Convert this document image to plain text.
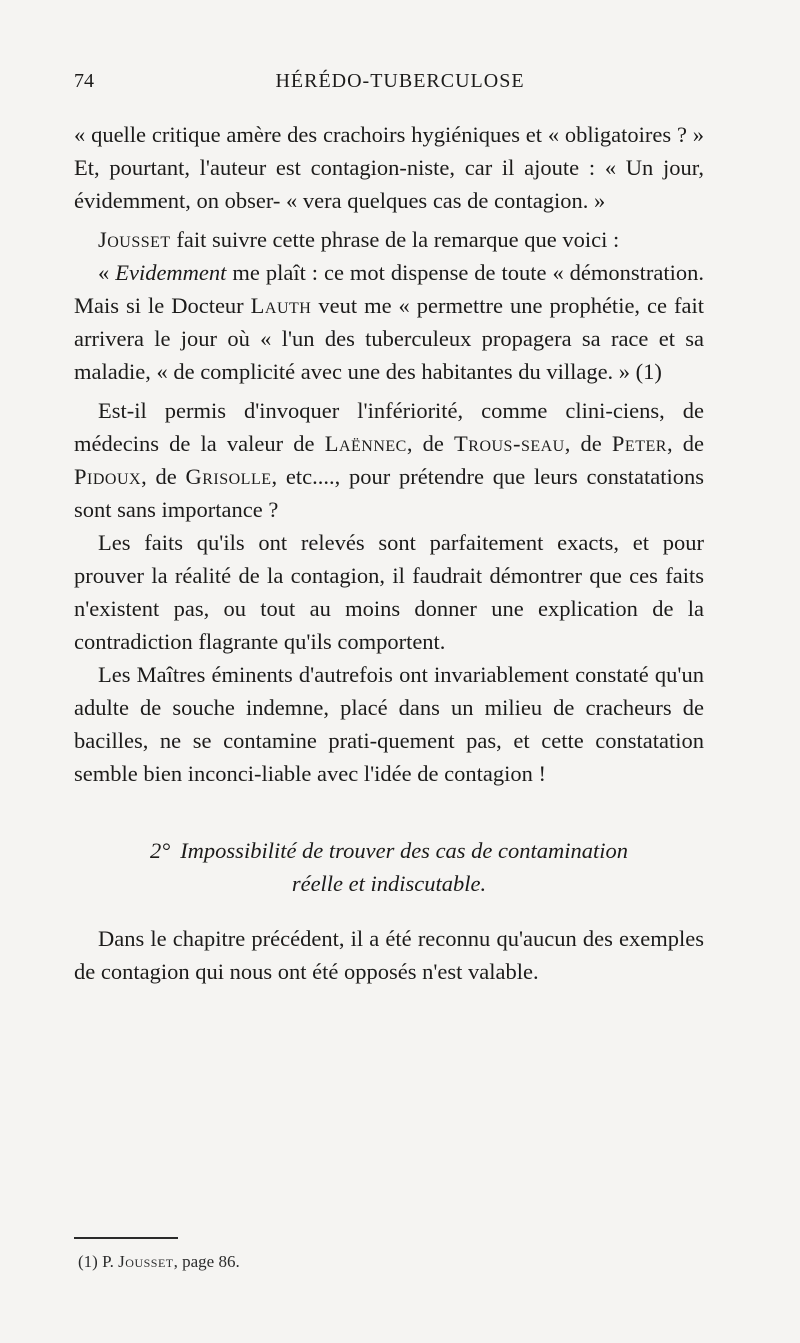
74	HÉRÉDO-TUBERCULOSE

« quelle critique amère des crachoirs hygiéniques et « obligatoires ? » Et, pourtant, l'auteur est contagion-niste, car il ajoute : « Un jour, évidemment, on obser- « vera quelques cas de contagion. »

Jousset fait suivre cette phrase de la remarque que voici :

« Evidemment me plaît : ce mot dispense de toute « démonstration. Mais si le Docteur Lauth veut me « permettre une prophétie, ce fait arrivera le jour où « l'un des tuberculeux propagera sa race et sa maladie, « de complicité avec une des habitantes du village. » (1)

Est-il permis d'invoquer l'infériorité, comme clini-ciens, de médecins de la valeur de Laënnec, de Trous-seau, de Peter, de Pidoux, de Grisolle, etc...., pour prétendre que leurs constatations sont sans importance ?

Les faits qu'ils ont relevés sont parfaitement exacts, et pour prouver la réalité de la contagion, il faudrait démontrer que ces faits n'existent pas, ou tout au moins donner une explication de la contradiction flagrante qu'ils comportent.

Les Maîtres éminents d'autrefois ont invariablement constaté qu'un adulte de souche indemne, placé dans un milieu de cracheurs de bacilles, ne se contamine prati-quement pas, et cette constatation semble bien inconci-liable avec l'idée de contagion !

2° Impossibilité de trouver des cas de contamination
réelle et indiscutable.

Dans le chapitre précédent, il a été reconnu qu'aucun des exemples de contagion qui nous ont été opposés n'est valable.

(1) P. Jousset, page 86.
